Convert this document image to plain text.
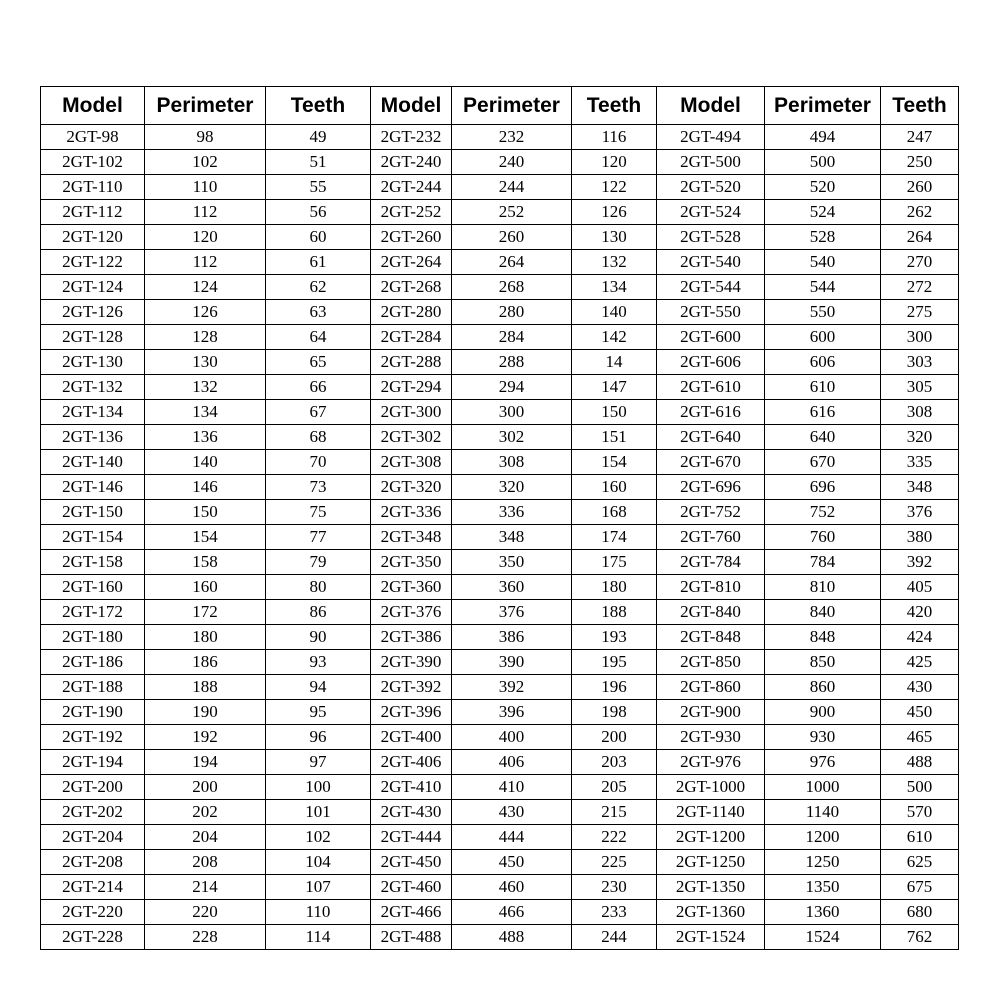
Model	Perimeter	Teeth	Model	Perimeter	Teeth	Model	Perimeter	Teeth
2GT-98	98	49	2GT-232	232	116	2GT-494	494	247
2GT-102	102	51	2GT-240	240	120	2GT-500	500	250
2GT-110	110	55	2GT-244	244	122	2GT-520	520	260
2GT-112	112	56	2GT-252	252	126	2GT-524	524	262
2GT-120	120	60	2GT-260	260	130	2GT-528	528	264
2GT-122	112	61	2GT-264	264	132	2GT-540	540	270
2GT-124	124	62	2GT-268	268	134	2GT-544	544	272
2GT-126	126	63	2GT-280	280	140	2GT-550	550	275
2GT-128	128	64	2GT-284	284	142	2GT-600	600	300
2GT-130	130	65	2GT-288	288	14	2GT-606	606	303
2GT-132	132	66	2GT-294	294	147	2GT-610	610	305
2GT-134	134	67	2GT-300	300	150	2GT-616	616	308
2GT-136	136	68	2GT-302	302	151	2GT-640	640	320
2GT-140	140	70	2GT-308	308	154	2GT-670	670	335
2GT-146	146	73	2GT-320	320	160	2GT-696	696	348
2GT-150	150	75	2GT-336	336	168	2GT-752	752	376
2GT-154	154	77	2GT-348	348	174	2GT-760	760	380
2GT-158	158	79	2GT-350	350	175	2GT-784	784	392
2GT-160	160	80	2GT-360	360	180	2GT-810	810	405
2GT-172	172	86	2GT-376	376	188	2GT-840	840	420
2GT-180	180	90	2GT-386	386	193	2GT-848	848	424
2GT-186	186	93	2GT-390	390	195	2GT-850	850	425
2GT-188	188	94	2GT-392	392	196	2GT-860	860	430
2GT-190	190	95	2GT-396	396	198	2GT-900	900	450
2GT-192	192	96	2GT-400	400	200	2GT-930	930	465
2GT-194	194	97	2GT-406	406	203	2GT-976	976	488
2GT-200	200	100	2GT-410	410	205	2GT-1000	1000	500
2GT-202	202	101	2GT-430	430	215	2GT-1140	1140	570
2GT-204	204	102	2GT-444	444	222	2GT-1200	1200	610
2GT-208	208	104	2GT-450	450	225	2GT-1250	1250	625
2GT-214	214	107	2GT-460	460	230	2GT-1350	1350	675
2GT-220	220	110	2GT-466	466	233	2GT-1360	1360	680
2GT-228	228	114	2GT-488	488	244	2GT-1524	1524	762
